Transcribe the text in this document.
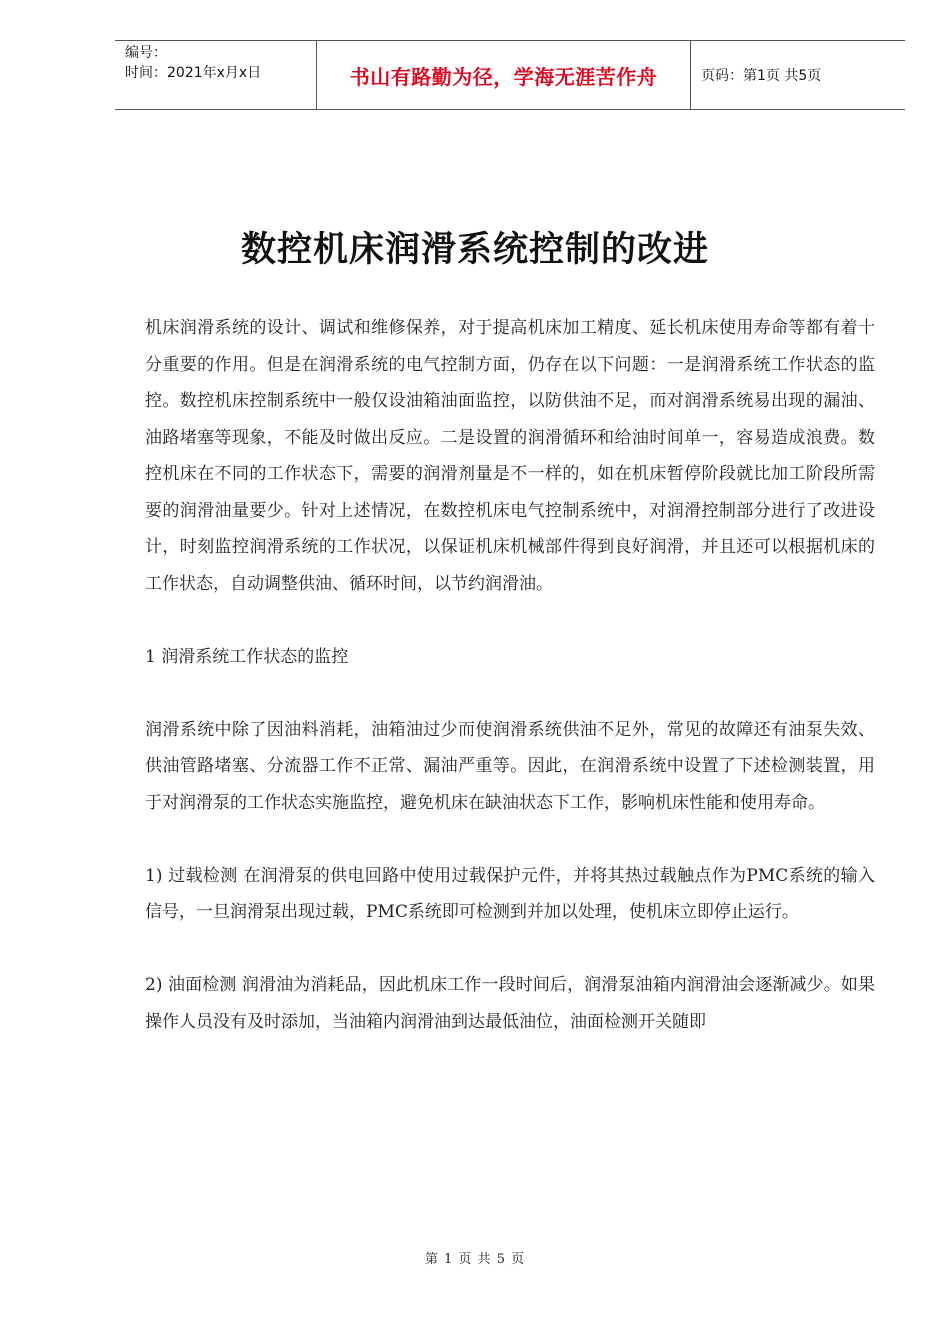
编号：
时间：2021年x月x日	书山有路勤为径，学海无涯苦作舟	页码：第1页 共5页
数控机床润滑系统控制的改进

机床润滑系统的设计、调试和维修保养，对于提高机床加工精度、延长机床使用寿命等都有着十分重要的作用。但是在润滑系统的电气控制方面，仍存在以下问题：一是润滑系统工作状态的监控。数控机床控制系统中一般仅设油箱油面监控，以防供油不足，而对润滑系统易出现的漏油、油路堵塞等现象，不能及时做出反应。二是设置的润滑循环和给油时间单一，容易造成浪费。数控机床在不同的工作状态下，需要的润滑剂量是不一样的，如在机床暂停阶段就比加工阶段所需要的润滑油量要少。针对上述情况，在数控机床电气控制系统中，对润滑控制部分进行了改进设计，时刻监控润滑系统的工作状况，以保证机床机械部件得到良好润滑，并且还可以根据机床的工作状态，自动调整供油、循环时间，以节约润滑油。

1 润滑系统工作状态的监控

润滑系统中除了因油料消耗，油箱油过少而使润滑系统供油不足外，常见的故障还有油泵失效、供油管路堵塞、分流器工作不正常、漏油严重等。因此，在润滑系统中设置了下述检测装置，用于对润滑泵的工作状态实施监控，避免机床在缺油状态下工作，影响机床性能和使用寿命。

1) 过载检测 在润滑泵的供电回路中使用过载保护元件，并将其热过载触点作为PMC系统的输入信号，一旦润滑泵出现过载，PMC系统即可检测到并加以处理，使机床立即停止运行。

2) 油面检测 润滑油为消耗品，因此机床工作一段时间后，润滑泵油箱内润滑油会逐渐减少。如果操作人员没有及时添加，当油箱内润滑油到达最低油位，油面检测开关随即

第 1 页 共 5 页
